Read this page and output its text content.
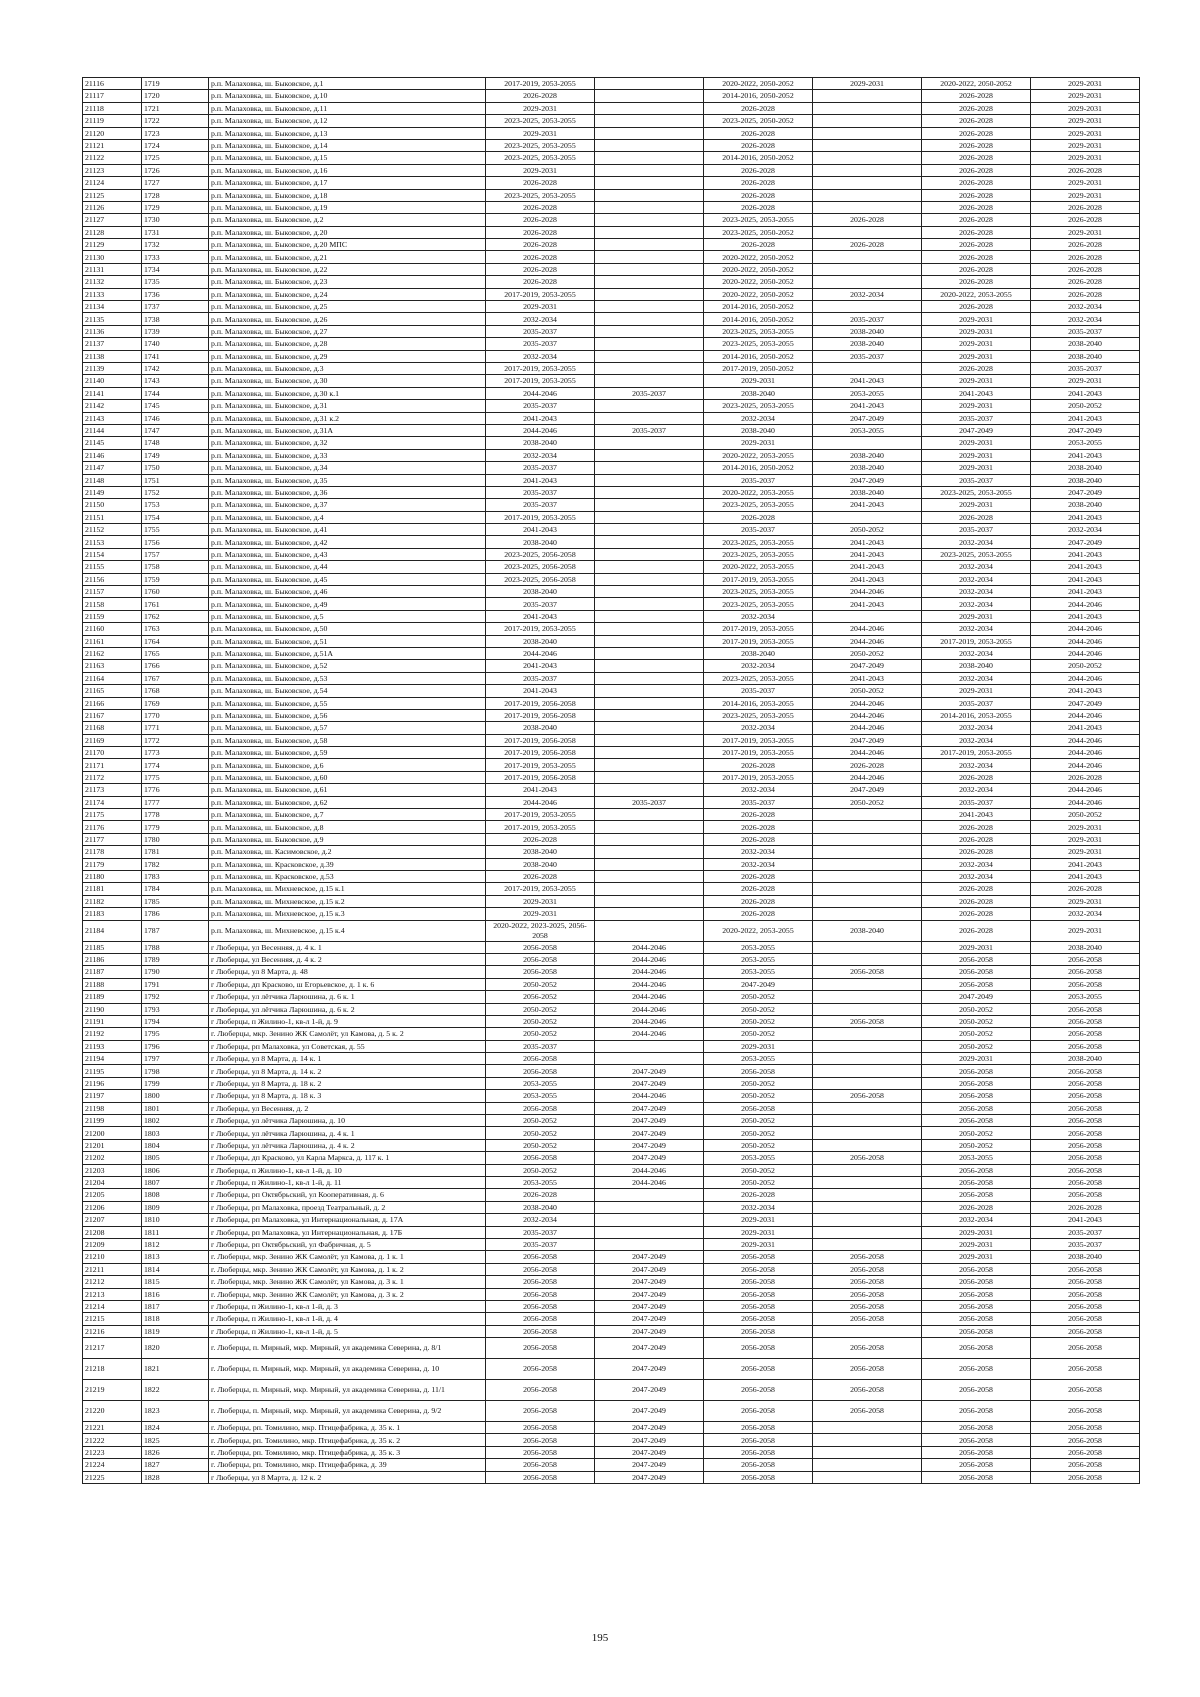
21116	1719	р.п. Малаховка, ш. Быковское, д.1	2017-2019, 2053-2055		2020-2022, 2050-2052	2029-2031	2020-2022, 2050-2052	2029-2031
21117	1720	р.п. Малаховка, ш. Быковское, д.10	2026-2028		2014-2016, 2050-2052		2026-2028	2029-2031
21118	1721	р.п. Малаховка, ш. Быковское, д.11	2029-2031		2026-2028		2026-2028	2029-2031
21119	1722	р.п. Малаховка, ш. Быковское, д.12	2023-2025, 2053-2055		2023-2025, 2050-2052		2026-2028	2029-2031
21120	1723	р.п. Малаховка, ш. Быковское, д.13	2029-2031		2026-2028		2026-2028	2029-2031
21121	1724	р.п. Малаховка, ш. Быковское, д.14	2023-2025, 2053-2055		2026-2028		2026-2028	2029-2031
21122	1725	р.п. Малаховка, ш. Быковское, д.15	2023-2025, 2053-2055		2014-2016, 2050-2052		2026-2028	2029-2031
21123	1726	р.п. Малаховка, ш. Быковское, д.16	2029-2031		2026-2028		2026-2028	2026-2028
21124	1727	р.п. Малаховка, ш. Быковское, д.17	2026-2028		2026-2028		2026-2028	2029-2031
21125	1728	р.п. Малаховка, ш. Быковское, д.18	2023-2025, 2053-2055		2026-2028		2026-2028	2029-2031
21126	1729	р.п. Малаховка, ш. Быковское, д.19	2026-2028		2026-2028		2026-2028	2026-2028
21127	1730	р.п. Малаховка, ш. Быковское, д.2	2026-2028		2023-2025, 2053-2055	2026-2028	2026-2028	2026-2028
21128	1731	р.п. Малаховка, ш. Быковское, д.20	2026-2028		2023-2025, 2050-2052		2026-2028	2029-2031
21129	1732	р.п. Малаховка, ш. Быковское, д.20 МПС	2026-2028		2026-2028	2026-2028	2026-2028	2026-2028
21130	1733	р.п. Малаховка, ш. Быковское, д.21	2026-2028		2020-2022, 2050-2052		2026-2028	2026-2028
21131	1734	р.п. Малаховка, ш. Быковское, д.22	2026-2028		2020-2022, 2050-2052		2026-2028	2026-2028
21132	1735	р.п. Малаховка, ш. Быковское, д.23	2026-2028		2020-2022, 2050-2052		2026-2028	2026-2028
21133	1736	р.п. Малаховка, ш. Быковское, д.24	2017-2019, 2053-2055		2020-2022, 2050-2052	2032-2034	2020-2022, 2053-2055	2026-2028
21134	1737	р.п. Малаховка, ш. Быковское, д.25	2029-2031		2014-2016, 2050-2052		2026-2028	2032-2034
21135	1738	р.п. Малаховка, ш. Быковское, д.26	2032-2034		2014-2016, 2050-2052	2035-2037	2029-2031	2032-2034
21136	1739	р.п. Малаховка, ш. Быковское, д.27	2035-2037		2023-2025, 2053-2055	2038-2040	2029-2031	2035-2037
21137	1740	р.п. Малаховка, ш. Быковское, д.28	2035-2037		2023-2025, 2053-2055	2038-2040	2029-2031	2038-2040
21138	1741	р.п. Малаховка, ш. Быковское, д.29	2032-2034		2014-2016, 2050-2052	2035-2037	2029-2031	2038-2040
21139	1742	р.п. Малаховка, ш. Быковское, д.3	2017-2019, 2053-2055		2017-2019, 2050-2052		2026-2028	2035-2037
21140	1743	р.п. Малаховка, ш. Быковское, д.30	2017-2019, 2053-2055		2029-2031	2041-2043	2029-2031	2029-2031
21141	1744	р.п. Малаховка, ш. Быковское, д.30 к.1	2044-2046	2035-2037	2038-2040	2053-2055	2041-2043	2041-2043
21142	1745	р.п. Малаховка, ш. Быковское, д.31	2035-2037		2023-2025, 2053-2055	2041-2043	2029-2031	2050-2052
21143	1746	р.п. Малаховка, ш. Быковское, д.31 к.2	2041-2043		2032-2034	2047-2049	2035-2037	2041-2043
21144	1747	р.п. Малаховка, ш. Быковское, д.31А	2044-2046	2035-2037	2038-2040	2053-2055	2047-2049	2047-2049
21145	1748	р.п. Малаховка, ш. Быковское, д.32	2038-2040		2029-2031		2029-2031	2053-2055
21146	1749	р.п. Малаховка, ш. Быковское, д.33	2032-2034		2020-2022, 2053-2055	2038-2040	2029-2031	2041-2043
21147	1750	р.п. Малаховка, ш. Быковское, д.34	2035-2037		2014-2016, 2050-2052	2038-2040	2029-2031	2038-2040
21148	1751	р.п. Малаховка, ш. Быковское, д.35	2041-2043		2035-2037	2047-2049	2035-2037	2038-2040
21149	1752	р.п. Малаховка, ш. Быковское, д.36	2035-2037		2020-2022, 2053-2055	2038-2040	2023-2025, 2053-2055	2047-2049
21150	1753	р.п. Малаховка, ш. Быковское, д.37	2035-2037		2023-2025, 2053-2055	2041-2043	2029-2031	2038-2040
21151	1754	р.п. Малаховка, ш. Быковское, д.4	2017-2019, 2053-2055		2026-2028		2026-2028	2041-2043
21152	1755	р.п. Малаховка, ш. Быковское, д.41	2041-2043		2035-2037	2050-2052	2035-2037	2032-2034
21153	1756	р.п. Малаховка, ш. Быковское, д.42	2038-2040		2023-2025, 2053-2055	2041-2043	2032-2034	2047-2049
21154	1757	р.п. Малаховка, ш. Быковское, д.43	2023-2025, 2056-2058		2023-2025, 2053-2055	2041-2043	2023-2025, 2053-2055	2041-2043
21155	1758	р.п. Малаховка, ш. Быковское, д.44	2023-2025, 2056-2058		2020-2022, 2053-2055	2041-2043	2032-2034	2041-2043
21156	1759	р.п. Малаховка, ш. Быковское, д.45	2023-2025, 2056-2058		2017-2019, 2053-2055	2041-2043	2032-2034	2041-2043
21157	1760	р.п. Малаховка, ш. Быковское, д.46	2038-2040		2023-2025, 2053-2055	2044-2046	2032-2034	2041-2043
21158	1761	р.п. Малаховка, ш. Быковское, д.49	2035-2037		2023-2025, 2053-2055	2041-2043	2032-2034	2044-2046
21159	1762	р.п. Малаховка, ш. Быковское, д.5	2041-2043		2032-2034		2029-2031	2041-2043
21160	1763	р.п. Малаховка, ш. Быковское, д.50	2017-2019, 2053-2055		2017-2019, 2053-2055	2044-2046	2032-2034	2044-2046
21161	1764	р.п. Малаховка, ш. Быковское, д.51	2038-2040		2017-2019, 2053-2055	2044-2046	2017-2019, 2053-2055	2044-2046
21162	1765	р.п. Малаховка, ш. Быковское, д.51А	2044-2046		2038-2040	2050-2052	2032-2034	2044-2046
21163	1766	р.п. Малаховка, ш. Быковское, д.52	2041-2043		2032-2034	2047-2049	2038-2040	2050-2052
21164	1767	р.п. Малаховка, ш. Быковское, д.53	2035-2037		2023-2025, 2053-2055	2041-2043	2032-2034	2044-2046
21165	1768	р.п. Малаховка, ш. Быковское, д.54	2041-2043		2035-2037	2050-2052	2029-2031	2041-2043
21166	1769	р.п. Малаховка, ш. Быковское, д.55	2017-2019, 2056-2058		2014-2016, 2053-2055	2044-2046	2035-2037	2047-2049
21167	1770	р.п. Малаховка, ш. Быковское, д.56	2017-2019, 2056-2058		2023-2025, 2053-2055	2044-2046	2014-2016, 2053-2055	2044-2046
21168	1771	р.п. Малаховка, ш. Быковское, д.57	2038-2040		2032-2034	2044-2046	2032-2034	2041-2043
21169	1772	р.п. Малаховка, ш. Быковское, д.58	2017-2019, 2056-2058		2017-2019, 2053-2055	2047-2049	2032-2034	2044-2046
21170	1773	р.п. Малаховка, ш. Быковское, д.59	2017-2019, 2056-2058		2017-2019, 2053-2055	2044-2046	2017-2019, 2053-2055	2044-2046
21171	1774	р.п. Малаховка, ш. Быковское, д.6	2017-2019, 2053-2055		2026-2028	2026-2028	2032-2034	2044-2046
21172	1775	р.п. Малаховка, ш. Быковское, д.60	2017-2019, 2056-2058		2017-2019, 2053-2055	2044-2046	2026-2028	2026-2028
21173	1776	р.п. Малаховка, ш. Быковское, д.61	2041-2043		2032-2034	2047-2049	2032-2034	2044-2046
21174	1777	р.п. Малаховка, ш. Быковское, д.62	2044-2046	2035-2037	2035-2037	2050-2052	2035-2037	2044-2046
21175	1778	р.п. Малаховка, ш. Быковское, д.7	2017-2019, 2053-2055		2026-2028		2041-2043	2050-2052
21176	1779	р.п. Малаховка, ш. Быковское, д.8	2017-2019, 2053-2055		2026-2028		2026-2028	2029-2031
21177	1780	р.п. Малаховка, ш. Быковское, д.9	2026-2028		2026-2028		2026-2028	2029-2031
21178	1781	р.п. Малаховка, ш. Касимовское, д.2	2038-2040		2032-2034		2026-2028	2029-2031
21179	1782	р.п. Малаховка, ш. Красковское, д.39	2038-2040		2032-2034		2032-2034	2041-2043
21180	1783	р.п. Малаховка, ш. Красковское, д.53	2026-2028		2026-2028		2032-2034	2041-2043
21181	1784	р.п. Малаховка, ш. Михневское, д.15 к.1	2017-2019, 2053-2055		2026-2028		2026-2028	2026-2028
21182	1785	р.п. Малаховка, ш. Михневское, д.15 к.2	2029-2031		2026-2028		2026-2028	2029-2031
21183	1786	р.п. Малаховка, ш. Михневское, д.15 к.3	2029-2031		2026-2028		2026-2028	2032-2034
21184	1787	р.п. Малаховка, ш. Михневское, д.15 к.4	2020-2022, 2023-2025, 2056-2058		2020-2022, 2053-2055	2038-2040	2026-2028	2029-2031
21185	1788	г Люберцы, ул Весенняя, д. 4 к. 1	2056-2058	2044-2046	2053-2055		2029-2031	2038-2040
21186	1789	г Люберцы, ул Весенняя, д. 4 к. 2	2056-2058	2044-2046	2053-2055		2056-2058	2056-2058
21187	1790	г Люберцы, ул 8 Марта, д. 48	2056-2058	2044-2046	2053-2055	2056-2058	2056-2058	2056-2058
21188	1791	г Люберцы, дп Красково, ш Егорьевское, д. 1 к. 6	2050-2052	2044-2046	2047-2049		2056-2058	2056-2058
21189	1792	г Люберцы, ул лётчика Ларюшина, д. 6 к. 1	2056-2052	2044-2046	2050-2052		2047-2049	2053-2055
21190	1793	г Люберцы, ул лётчика Ларюшина, д. 6 к. 2	2050-2052	2044-2046	2050-2052		2050-2052	2056-2058
21191	1794	г Люберцы, п Жилино-1, кв-л 1-й, д. 9	2050-2052	2044-2046	2050-2052	2056-2058	2050-2052	2056-2058
21192	1795	г. Люберцы, мкр. Зенино ЖК Самолёт, ул Камова, д. 5 к. 2	2050-2052	2044-2046	2050-2052		2050-2052	2056-2058
21193	1796	г Люберцы, рп Малаховка, ул Советская, д. 55	2035-2037		2029-2031		2050-2052	2056-2058
21194	1797	г Люберцы, ул 8 Марта, д. 14 к. 1	2056-2058		2053-2055		2029-2031	2038-2040
21195	1798	г Люберцы, ул 8 Марта, д. 14 к. 2	2056-2058	2047-2049	2056-2058		2056-2058	2056-2058
21196	1799	г Люберцы, ул 8 Марта, д. 18 к. 2	2053-2055	2047-2049	2050-2052		2056-2058	2056-2058
21197	1800	г Люберцы, ул 8 Марта, д. 18 к. 3	2053-2055	2044-2046	2050-2052	2056-2058	2056-2058	2056-2058
21198	1801	г Люберцы, ул Весенняя, д. 2	2056-2058	2047-2049	2056-2058		2056-2058	2056-2058
21199	1802	г Люберцы, ул лётчика Ларюшина, д. 10	2050-2052	2047-2049	2050-2052		2056-2058	2056-2058
21200	1803	г Люберцы, ул лётчика Ларюшина, д. 4 к. 1	2050-2052	2047-2049	2050-2052		2050-2052	2056-2058
21201	1804	г Люберцы, ул лётчика Ларюшина, д. 4 к. 2	2050-2052	2047-2049	2050-2052		2050-2052	2056-2058
21202	1805	г Люберцы, дп Красково, ул Карла Маркса, д. 117 к. 1	2056-2058	2047-2049	2053-2055	2056-2058	2053-2055	2056-2058
21203	1806	г Люберцы, п Жилино-1, кв-л 1-й, д. 10	2050-2052	2044-2046	2050-2052		2056-2058	2056-2058
21204	1807	г Люберцы, п Жилино-1, кв-л 1-й, д. 11	2053-2055	2044-2046	2050-2052		2056-2058	2056-2058
21205	1808	г Люберцы, рп Октябрьский, ул Кооперативная, д. 6	2026-2028		2026-2028		2056-2058	2056-2058
21206	1809	г Люберцы, рп Малаховка, проезд Театральный, д. 2	2038-2040		2032-2034		2026-2028	2026-2028
21207	1810	г Люберцы, рп Малаховка, ул Интернациональная, д. 17А	2032-2034		2029-2031		2032-2034	2041-2043
21208	1811	г Люберцы, рп Малаховка, ул Интернациональная, д. 17Б	2035-2037		2029-2031		2029-2031	2035-2037
21209	1812	г Люберцы, рп Октябрьский, ул Фабричная, д. 5	2035-2037		2029-2031		2029-2031	2035-2037
21210	1813	г. Люберцы, мкр. Зенино ЖК Самолёт, ул Камова, д. 1 к. 1	2056-2058	2047-2049	2056-2058	2056-2058	2029-2031	2038-2040
21211	1814	г. Люберцы, мкр. Зенино ЖК Самолёт, ул Камова, д. 1 к. 2	2056-2058	2047-2049	2056-2058	2056-2058	2056-2058	2056-2058
21212	1815	г. Люберцы, мкр. Зенино ЖК Самолёт, ул Камова, д. 3 к. 1	2056-2058	2047-2049	2056-2058	2056-2058	2056-2058	2056-2058
21213	1816	г. Люберцы, мкр. Зенино ЖК Самолёт, ул Камова, д. 3 к. 2	2056-2058	2047-2049	2056-2058	2056-2058	2056-2058	2056-2058
21214	1817	г Люберцы, п Жилино-1, кв-л 1-й, д. 3	2056-2058	2047-2049	2056-2058	2056-2058	2056-2058	2056-2058
21215	1818	г Люберцы, п Жилино-1, кв-л 1-й, д. 4	2056-2058	2047-2049	2056-2058	2056-2058	2056-2058	2056-2058
21216	1819	г Люберцы, п Жилино-1, кв-л 1-й, д. 5	2056-2058	2047-2049	2056-2058		2056-2058	2056-2058
21217	1820	г. Люберцы, п. Мирный, мкр. Мирный, ул академика Северина, д. 8/1	2056-2058	2047-2049	2056-2058	2056-2058	2056-2058	2056-2058
21218	1821	г. Люберцы, п. Мирный, мкр. Мирный, ул академика Северина, д. 10	2056-2058	2047-2049	2056-2058	2056-2058	2056-2058	2056-2058
21219	1822	г. Люберцы, п. Мирный, мкр. Мирный, ул академика Северина, д. 11/1	2056-2058	2047-2049	2056-2058	2056-2058	2056-2058	2056-2058
21220	1823	г. Люберцы, п. Мирный, мкр. Мирный, ул академика Северина, д. 9/2	2056-2058	2047-2049	2056-2058	2056-2058	2056-2058	2056-2058
21221	1824	г. Люберцы, рп. Томилино, мкр. Птицефабрика, д. 35 к. 1	2056-2058	2047-2049	2056-2058		2056-2058	2056-2058
21222	1825	г. Люберцы, рп. Томилино, мкр. Птицефабрика, д. 35 к. 2	2056-2058	2047-2049	2056-2058		2056-2058	2056-2058
21223	1826	г. Люберцы, рп. Томилино, мкр. Птицефабрика, д. 35 к. 3	2056-2058	2047-2049	2056-2058		2056-2058	2056-2058
21224	1827	г. Люберцы, рп. Томилино, мкр. Птицефабрика, д. 39	2056-2058	2047-2049	2056-2058		2056-2058	2056-2058
21225	1828	г Люберцы, ул 8 Марта, д. 12 к. 2	2056-2058	2047-2049	2056-2058		2056-2058	2056-2058
195
